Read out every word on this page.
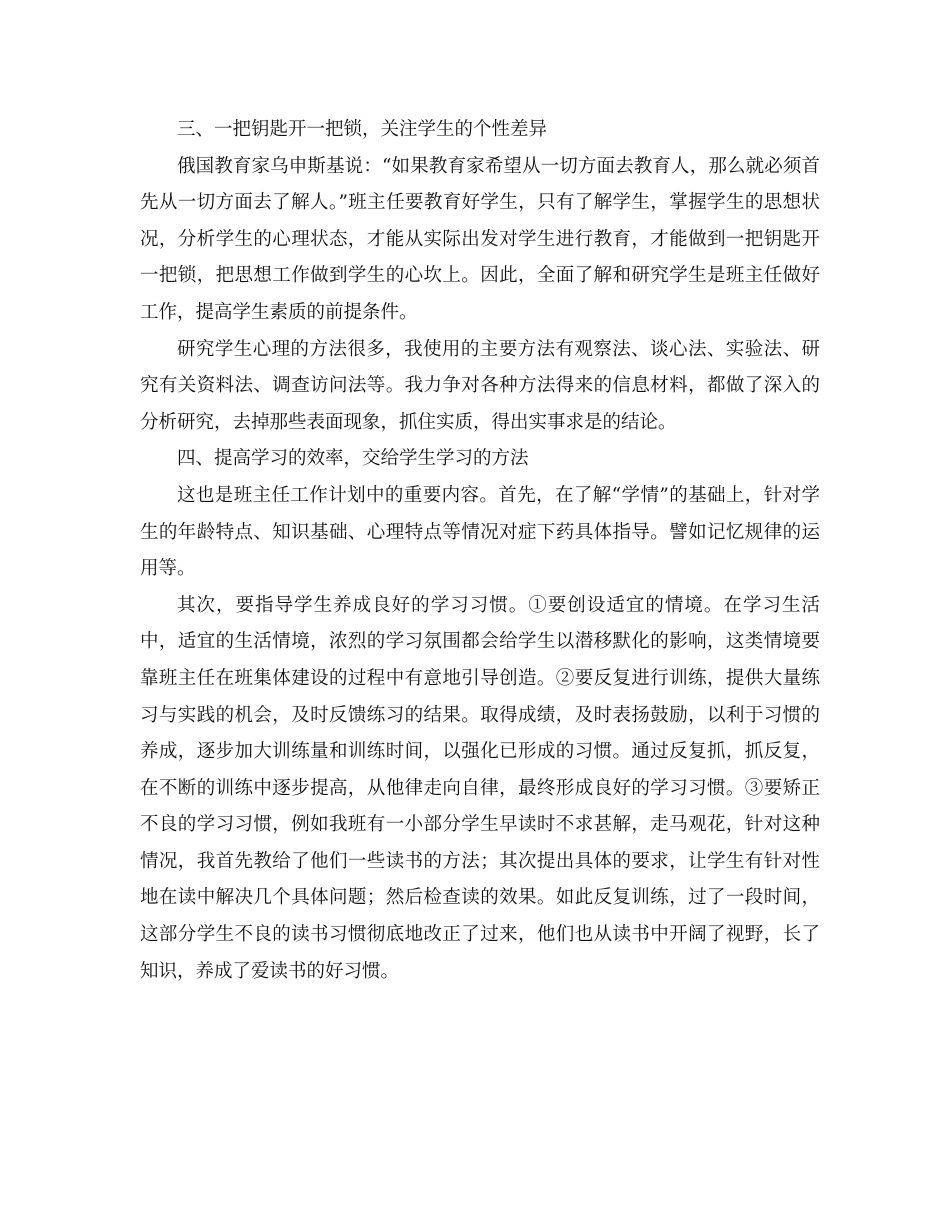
三、一把钥匙开一把锁，关注学生的个性差异

俄国教育家乌申斯基说：“如果教育家希望从一切方面去教育人，那么就必须首先从一切方面去了解人。”班主任要教育好学生，只有了解学生，掌握学生的思想状况，分析学生的心理状态，才能从实际出发对学生进行教育，才能做到一把钥匙开一把锁，把思想工作做到学生的心坎上。因此，全面了解和研究学生是班主任做好工作，提高学生素质的前提条件。

研究学生心理的方法很多，我使用的主要方法有观察法、谈心法、实验法、研究有关资料法、调查访问法等。我力争对各种方法得来的信息材料，都做了深入的分析研究，去掉那些表面现象，抓住实质，得出实事求是的结论。

四、提高学习的效率，交给学生学习的方法

这也是班主任工作计划中的重要内容。首先，在了解“学情”的基础上，针对学生的年龄特点、知识基础、心理特点等情况对症下药具体指导。譬如记忆规律的运用等。

其次，要指导学生养成良好的学习习惯。①要创设适宜的情境。在学习生活中，适宜的生活情境，浓烈的学习氛围都会给学生以潜移默化的影响，这类情境要靠班主任在班集体建设的过程中有意地引导创造。②要反复进行训练，提供大量练习与实践的机会，及时反馈练习的结果。取得成绩，及时表扬鼓励，以利于习惯的养成，逐步加大训练量和训练时间，以强化已形成的习惯。通过反复抓，抓反复，在不断的训练中逐步提高，从他律走向自律，最终形成良好的学习习惯。③要矫正不良的学习习惯，例如我班有一小部分学生早读时不求甚解，走马观花，针对这种情况，我首先教给了他们一些读书的方法；其次提出具体的要求，让学生有针对性地在读中解决几个具体问题；然后检查读的效果。如此反复训练，过了一段时间，这部分学生不良的读书习惯彻底地改正了过来，他们也从读书中开阔了视野，长了知识，养成了爱读书的好习惯。
